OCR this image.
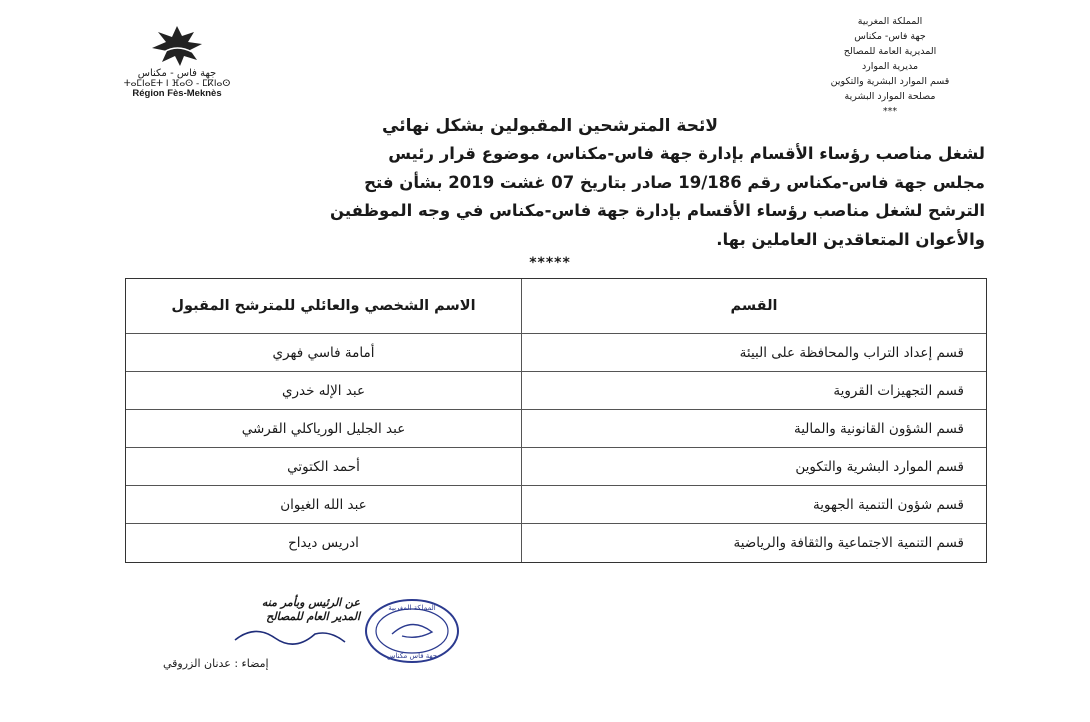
جهة فاس - مكناس
ⵜⴰⵎⵏⴰⴹⵜ ⵏ ⴼⴰⵙ - ⵎⴽⵏⴰⵙ
Région Fès-Meknès
المملكة المغربية
جهة فاس- مكناس
المديرية العامة للمصالح
مديرية الموارد
قسم الموارد البشرية والتكوين
مصلحة الموارد البشرية
***
لائحة المترشحين المقبولين بشكل نهائي
لشغل مناصب رؤساء الأقسام بإدارة جهة فاس-مكناس، موضوع قرار رئيس
مجلس جهة فاس-مكناس رقم 19/186 صادر بتاريخ 07 غشت 2019 بشأن فتح
الترشح لشغل مناصب رؤساء الأقسام بإدارة جهة فاس-مكناس في وجه الموظفين
والأعوان المتعاقدين العاملين بها.
*****
القسم
الاسم الشخصي والعائلي للمترشح المقبول
قسم إعداد التراب والمحافظة على البيئة
أمامة فاسي فهري
قسم التجهيزات القروية
عبد الإله خدري
قسم الشؤون القانونية والمالية
عبد الجليل الورياكلي القرشي
قسم الموارد البشرية والتكوين
أحمد الكتوتي
قسم شؤون التنمية الجهوية
عبد الله الغيوان
قسم التنمية الاجتماعية والثقافة والرياضية
ادريس ديداح
عن الرئيس وبأمر منه
المدير العام للمصالح
المملكة المغربية
جهة فاس مكناس
إمضاء : عدنان الزروقي
